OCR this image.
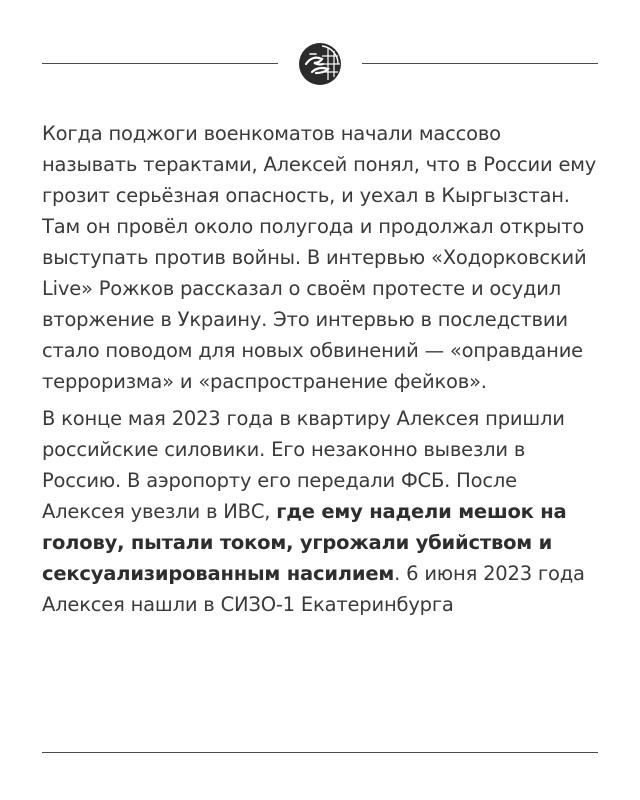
Когда поджоги военкоматов начали массово называть терактами, Алексей понял, что в России ему грозит серьёзная опасность, и уехал в Кыргызстан. Там он провёл около полугода и продолжал открыто выступать против войны. В интервью «Ходорковский Live» Рожков рассказал о своём протесте и осудил вторжение в Украину. Это интервью в последствии стало поводом для новых обвинений — «оправдание терроризма» и «распространение фейков».

В конце мая 2023 года в квартиру Алексея пришли российские силовики. Его незаконно вывезли в Россию. В аэропорту его передали ФСБ. После Алексея увезли в ИВС, где ему надели мешок на голову, пытали током, угрожали убийством и сексуализированным насилием. 6 июня 2023 года Алексея нашли в СИЗО-1 Екатеринбурга
